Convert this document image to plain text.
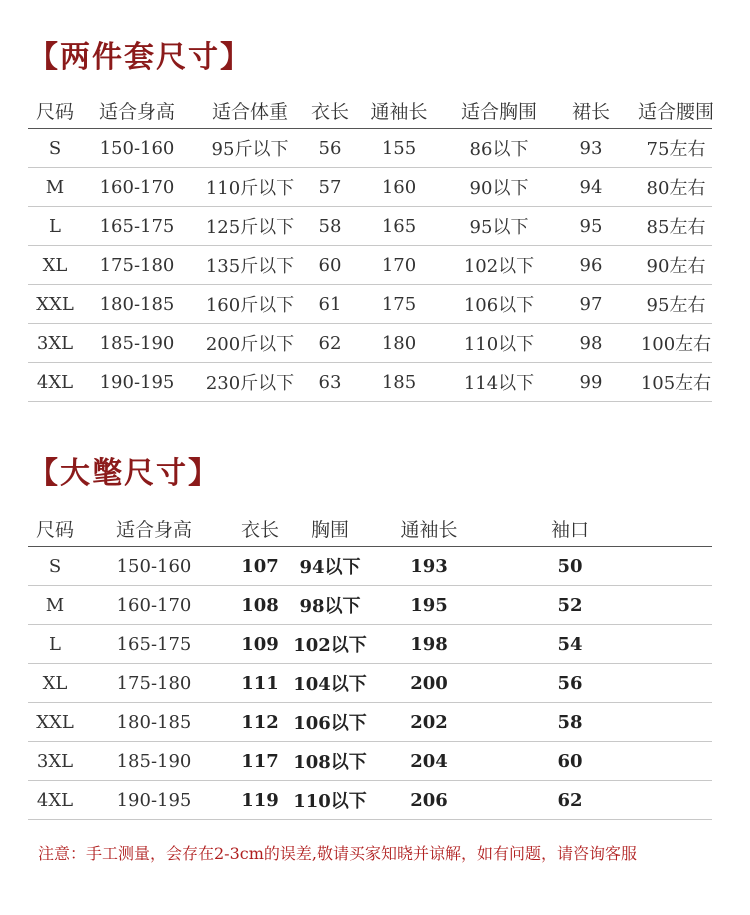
【两件套尺寸】
尺码	适合身高	适合体重	衣长	通袖长	适合胸围	裙长	适合腰围
S	150-160	95斤以下	56	155	86以下	93	75左右
M	160-170	110斤以下	57	160	90以下	94	80左右
L	165-175	125斤以下	58	165	95以下	95	85左右
XL	175-180	135斤以下	60	170	102以下	96	90左右
XXL	180-185	160斤以下	61	175	106以下	97	95左右
3XL	185-190	200斤以下	62	180	110以下	98	100左右
4XL	190-195	230斤以下	63	185	114以下	99	105左右
【大氅尺寸】
尺码	适合身高	衣长	胸围	通袖长	袖口
S	150-160	107	94以下	193	50
M	160-170	108	98以下	195	52
L	165-175	109 102以下	198	54
XL	175-180	111 104以下	200	56
XXL	180-185	112 106以下	202	58
3XL	185-190	117 108以下	204	60
4XL	190-195	119 110以下	206	62
注意：手工测量，会存在2-3cm的误差,敬请买家知晓并谅解，如有问题，请咨询客服
